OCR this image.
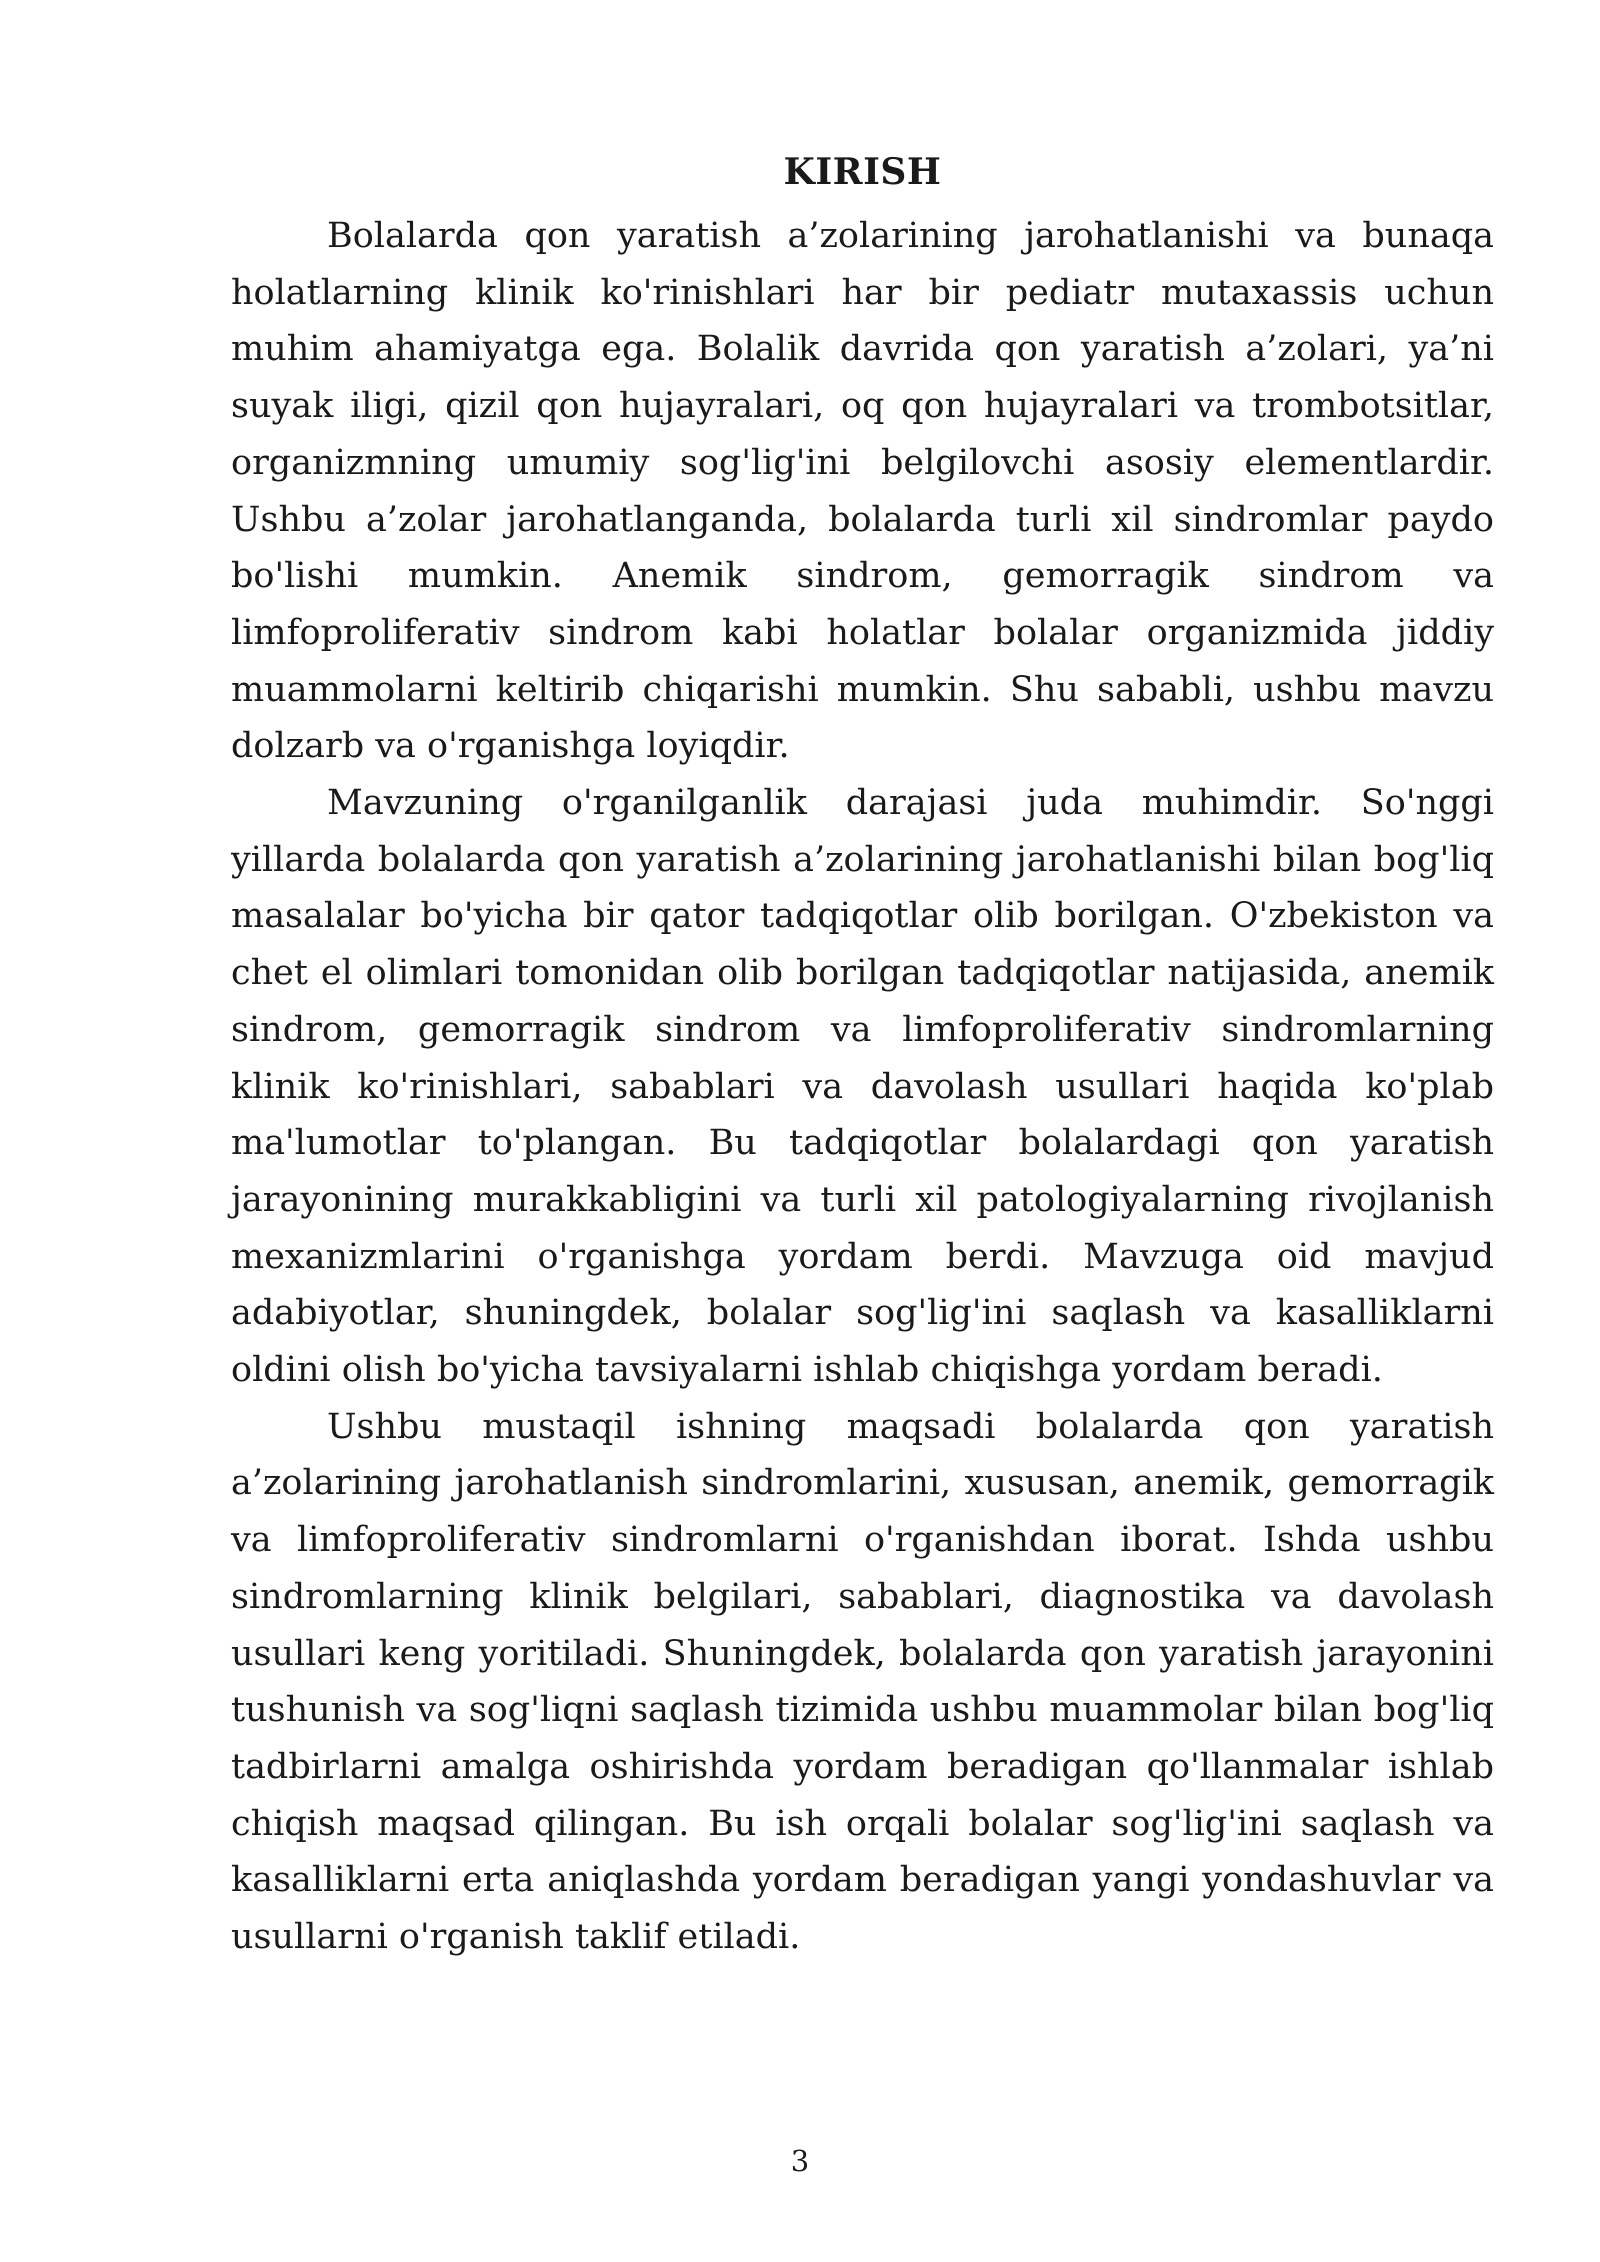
KIRISH

Bolalarda qon yaratish a’zolarining jarohatlanishi va bunaqa holatlarning klinik ko'rinishlari har bir pediatr mutaxassis uchun muhim ahamiyatga ega. Bolalik davrida qon yaratish a’zolari, ya’ni suyak iligi, qizil qon hujayralari, oq qon hujayralari va trombotsitlar, organizmning umumiy sog'lig'ini belgilovchi asosiy elementlardir. Ushbu a’zolar jarohatlanganda, bolalarda turli xil sindromlar paydo bo'lishi mumkin. Anemik sindrom, gemorragik sindrom va limfoproliferativ sindrom kabi holatlar bolalar organizmida jiddiy muammolarni keltirib chiqarishi mumkin. Shu sababli, ushbu mavzu dolzarb va o'rganishga loyiqdir.

Mavzuning o'rganilganlik darajasi juda muhimdir. So'nggi yillarda bolalarda qon yaratish a’zolarining jarohatlanishi bilan bog'liq masalalar bo'yicha bir qator tadqiqotlar olib borilgan. O'zbekiston va chet el olimlari tomonidan olib borilgan tadqiqotlar natijasida, anemik sindrom, gemorragik sindrom va limfoproliferativ sindromlarning klinik ko'rinishlari, sabablari va davolash usullari haqida ko'plab ma'lumotlar to'plangan. Bu tadqiqotlar bolalardagi qon yaratish jarayonining murakkabligini va turli xil patologiyalarning rivojlanish mexanizmlarini o'rganishga yordam berdi. Mavzuga oid mavjud adabiyotlar, shuningdek, bolalar sog'lig'ini saqlash va kasalliklarni oldini olish bo'yicha tavsiyalarni ishlab chiqishga yordam beradi.

Ushbu mustaqil ishning maqsadi bolalarda qon yaratish a’zolarining jarohatlanish sindromlarini, xususan, anemik, gemorragik va limfoproliferativ sindromlarni o'rganishdan iborat. Ishda ushbu sindromlarning klinik belgilari, sabablari, diagnostika va davolash usullari keng yoritiladi. Shuningdek, bolalarda qon yaratish jarayonini tushunish va sog'liqni saqlash tizimida ushbu muammolar bilan bog'liq tadbirlarni amalga oshirishda yordam beradigan qo'llanmalar ishlab chiqish maqsad qilingan. Bu ish orqali bolalar sog'lig'ini saqlash va kasalliklarni erta aniqlashda yordam beradigan yangi yondashuvlar va usullarni o'rganish taklif etiladi.

3
